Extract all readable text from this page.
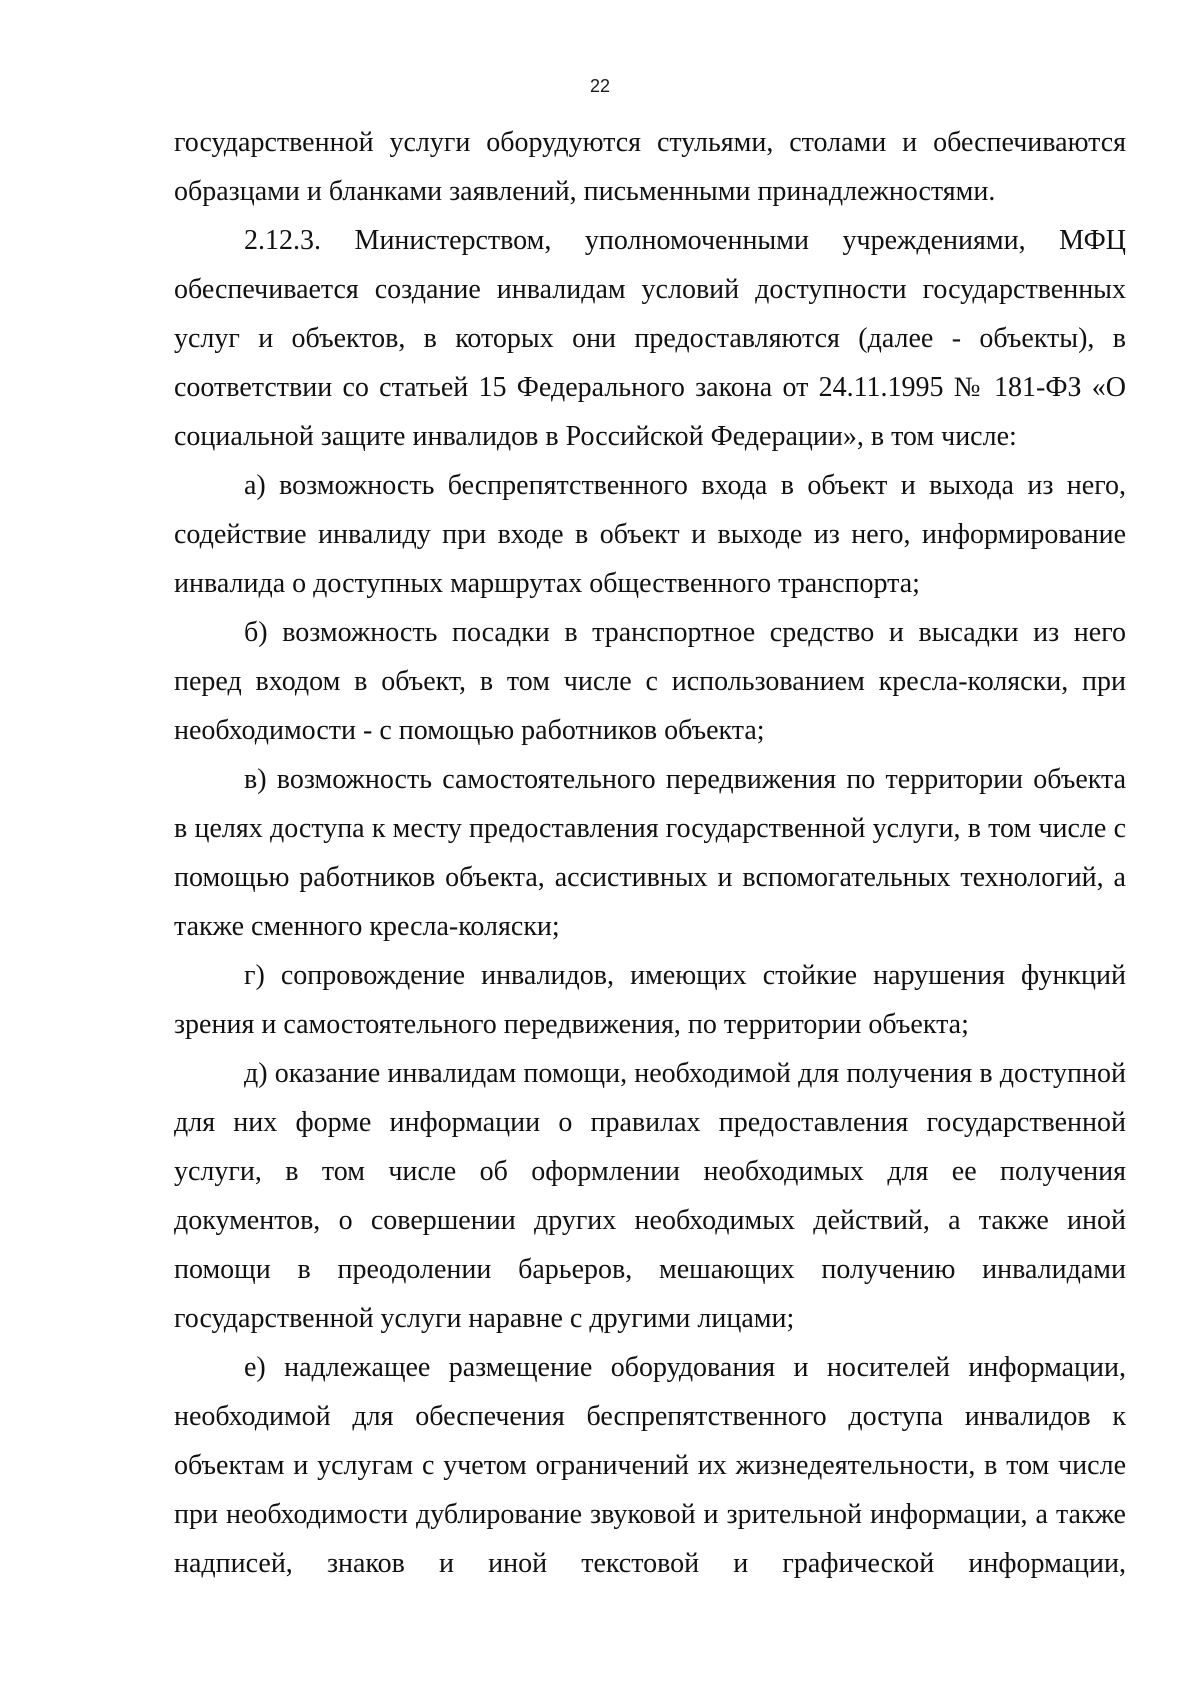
22

государственной услуги оборудуются стульями, столами и обеспечиваются образцами и бланками заявлений, письменными принадлежностями.

2.12.3. Министерством, уполномоченными учреждениями, МФЦ обеспечивается создание инвалидам условий доступности государственных услуг и объектов, в которых они предоставляются (далее - объекты), в соответствии со статьей 15 Федерального закона от 24.11.1995 № 181-ФЗ «О социальной защите инвалидов в Российской Федерации», в том числе:

а) возможность беспрепятственного входа в объект и выхода из него, содействие инвалиду при входе в объект и выходе из него, информирование инвалида о доступных маршрутах общественного транспорта;

б) возможность посадки в транспортное средство и высадки из него перед входом в объект, в том числе с использованием кресла-коляски, при необходимости - с помощью работников объекта;

в) возможность самостоятельного передвижения по территории объекта в целях доступа к месту предоставления государственной услуги, в том числе с помощью работников объекта, ассистивных и вспомогательных технологий, а также сменного кресла-коляски;

г) сопровождение инвалидов, имеющих стойкие нарушения функций зрения и самостоятельного передвижения, по территории объекта;

д) оказание инвалидам помощи, необходимой для получения в доступной для них форме информации о правилах предоставления государственной услуги, в том числе об оформлении необходимых для ее получения документов, о совершении других необходимых действий, а также иной помощи в преодолении барьеров, мешающих получению инвалидами государственной услуги наравне с другими лицами;

е) надлежащее размещение оборудования и носителей информации, необходимой для обеспечения беспрепятственного доступа инвалидов к объектам и услугам с учетом ограничений их жизнедеятельности, в том числе при необходимости дублирование звуковой и зрительной информации, а также надписей, знаков и иной текстовой и графической информации,
